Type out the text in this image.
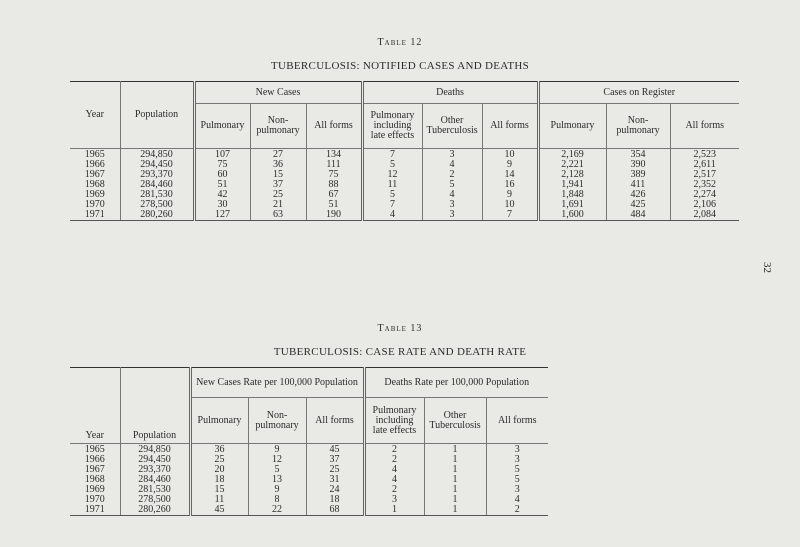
32
Table 12
TUBERCULOSIS: NOTIFIED CASES AND DEATHS
Year	Population	New Cases			Deaths			Cases on Register		
		Pulmonary	Non-pulmonary	All forms	Pulmonary including late effects	Other Tuberculosis	All forms	Pulmonary	Non-pulmonary	All forms
1965	294,850	107	27	134	7	3	10	2,169	354	2,523
1966	294,450	75	36	111	5	4	9	2,221	390	2,611
1967	293,370	60	15	75	12	2	14	2,128	389	2,517
1968	284,460	51	37	88	11	5	16	1,941	411	2,352
1969	281,530	42	25	67	5	4	9	1,848	426	2,274
1970	278,500	30	21	51	7	3	10	1,691	425	2,106
1971	280,260	127	63	190	4	3	7	1,600	484	2,084
Table 13
TUBERCULOSIS: CASE RATE AND DEATH RATE
Year	Population	New Cases Rate per 100,000 Population			Deaths Rate per 100,000 Population		
		Pulmonary	Non-pulmonary	All forms	Pulmonary including late effects	Other Tuberculosis	All forms
1965	294,850	36	9	45	2	1	3
1966	294,450	25	12	37	2	1	3
1967	293,370	20	5	25	4	1	5
1968	284,460	18	13	31	4	1	5
1969	281,530	15	9	24	2	1	3
1970	278,500	11	8	18	3	1	4
1971	280,260	45	22	68	1	1	2
